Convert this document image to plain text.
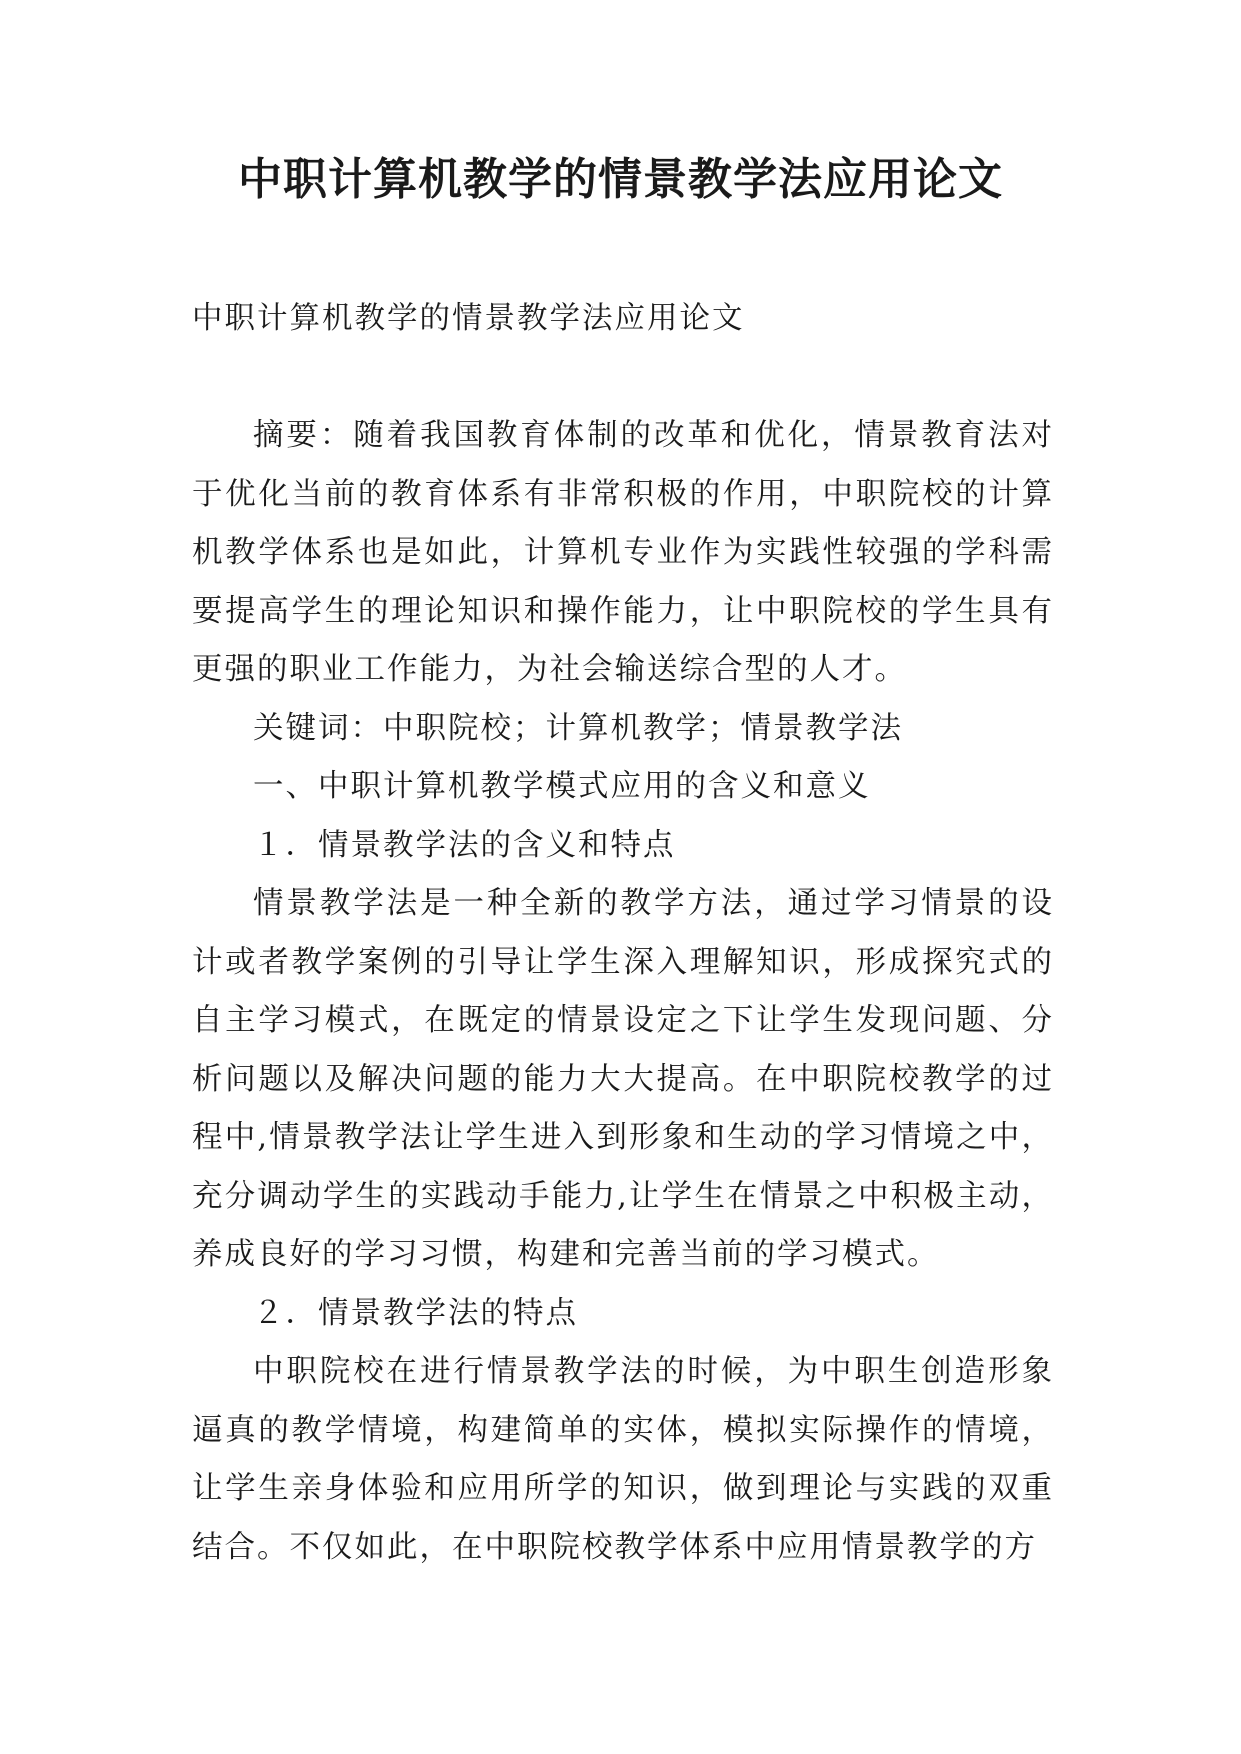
中职计算机教学的情景教学法应用论文

中职计算机教学的情景教学法应用论文

摘要：随着我国教育体制的改革和优化，情景教育法对于优化当前的教育体系有非常积极的作用，中职院校的计算机教学体系也是如此，计算机专业作为实践性较强的学科需要提高学生的理论知识和操作能力，让中职院校的学生具有更强的职业工作能力，为社会输送综合型的人才。

关键词：中职院校；计算机教学；情景教学法

一、中职计算机教学模式应用的含义和意义

１．情景教学法的含义和特点

情景教学法是一种全新的教学方法，通过学习情景的设计或者教学案例的引导让学生深入理解知识，形成探究式的自主学习模式，在既定的情景设定之下让学生发现问题、分析问题以及解决问题的能力大大提高。在中职院校教学的过程中,情景教学法让学生进入到形象和生动的学习情境之中，充分调动学生的实践动手能力,让学生在情景之中积极主动，养成良好的学习习惯，构建和完善当前的学习模式。

２．情景教学法的特点

中职院校在进行情景教学法的时候，为中职生创造形象逼真的教学情境，构建简单的实体，模拟实际操作的情境，让学生亲身体验和应用所学的知识，做到理论与实践的双重结合。不仅如此，在中职院校教学体系中应用情景教学的方
